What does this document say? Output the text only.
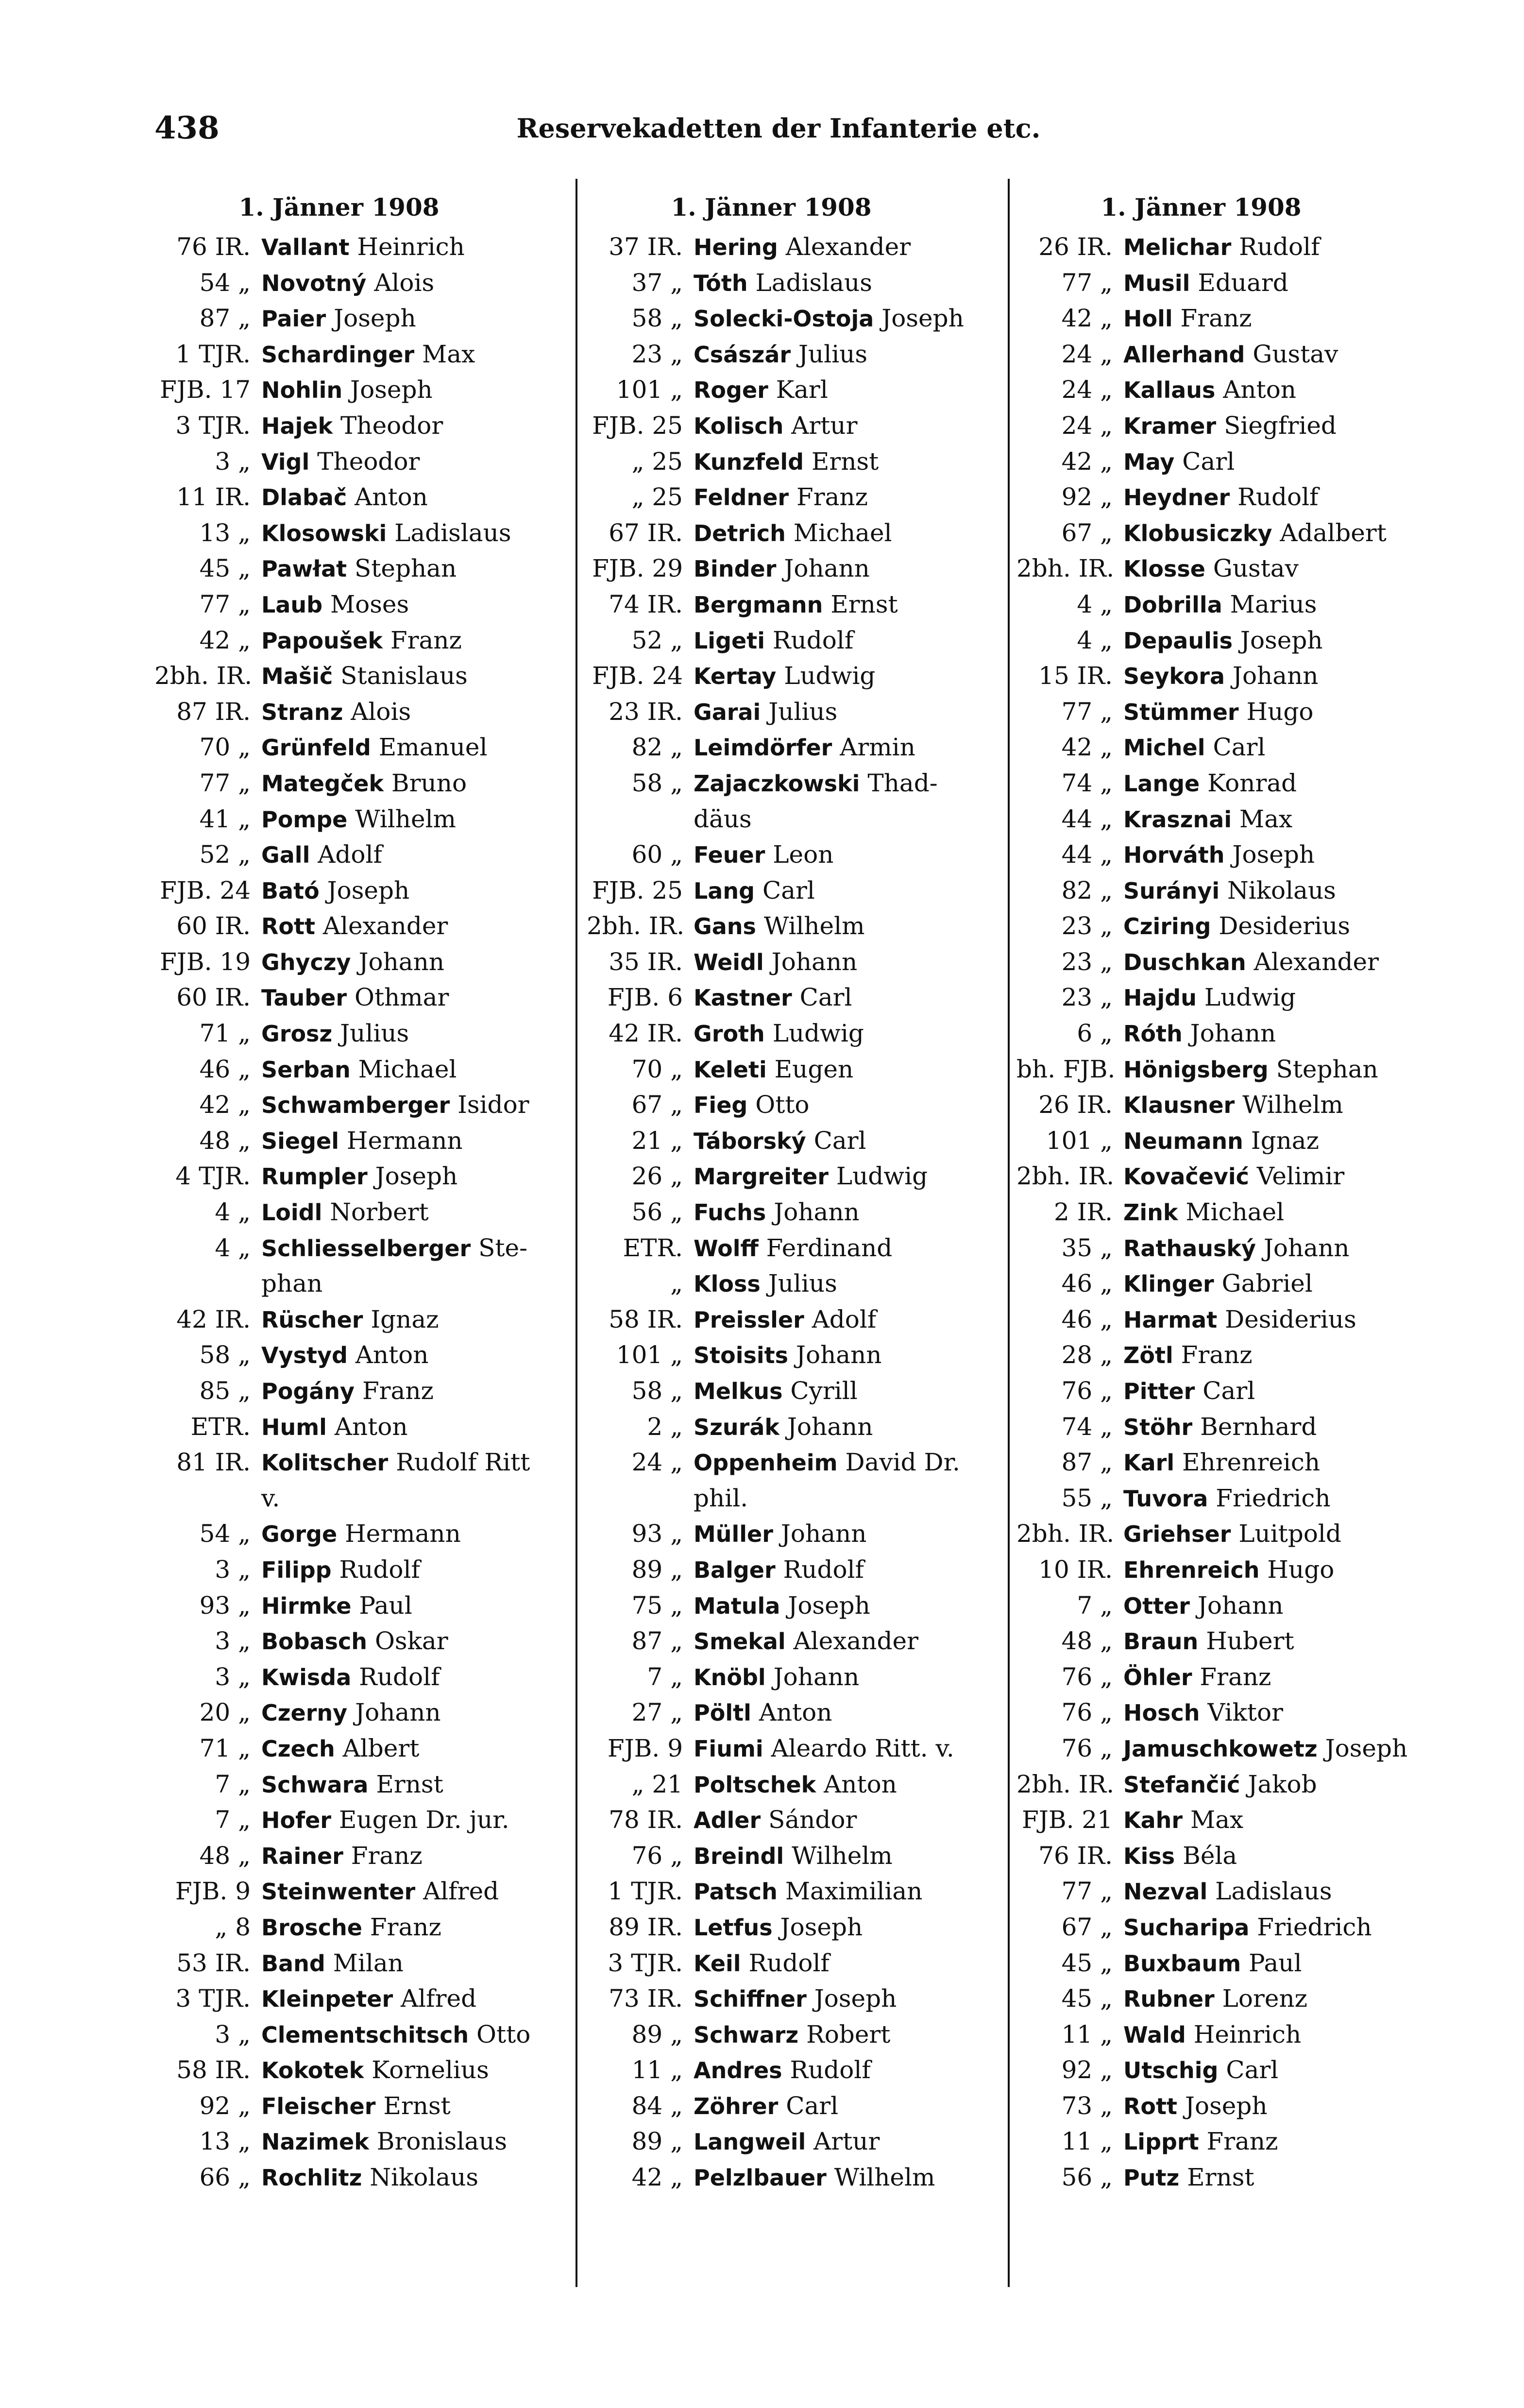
438	Reservekadetten der Infanterie etc.
1. Jänner 1908
76 IR. Vallant Heinrich
54 „ Novotný Alois
87 „ Paier Joseph
1 TJR. Schardinger Max
FJB. 17 Nohlin Joseph
3 TJR. Hajek Theodor
3 „ Vigl Theodor
11 IR. Dlabač Anton
13 „ Klosowski Ladislaus
45 „ Pawłat Stephan
77 „ Laub Moses
42 „ Papoušek Franz
2bh. IR. Mašič Stanislaus
87 IR. Stranz Alois
70 „ Grünfeld Emanuel
77 „ Mategček Bruno
41 „ Pompe Wilhelm
52 „ Gall Adolf
FJB. 24 Bató Joseph
60 IR. Rott Alexander
FJB. 19 Ghyczy Johann
60 IR. Tauber Othmar
71 „ Grosz Julius
46 „ Serban Michael
42 „ Schwamberger Isidor
48 „ Siegel Hermann
4 TJR. Rumpler Joseph
4 „ Loidl Norbert
4 „ Schliesselberger Ste-
phan
42 IR. Rüscher Ignaz
58 „ Vystyd Anton
85 „ Pogány Franz
ETR. Huml Anton
81 IR. Kolitscher Rudolf Ritt
v.
54 „ Gorge Hermann
3 „ Filipp Rudolf
93 „ Hirmke Paul
3 „ Bobasch Oskar
3 „ Kwisda Rudolf
20 „ Czerny Johann
71 „ Czech Albert
7 „ Schwara Ernst
7 „ Hofer Eugen Dr. jur.
48 „ Rainer Franz
FJB. 9 Steinwenter Alfred
„ 8 Brosche Franz
53 IR. Band Milan
3 TJR. Kleinpeter Alfred
3 „ Clementschitsch Otto
58 IR. Kokotek Kornelius
92 „ Fleischer Ernst
13 „ Nazimek Bronislaus
66 „ Rochlitz Nikolaus
1. Jänner 1908
37 IR. Hering Alexander
37 „ Tóth Ladislaus
58 „ Solecki-Ostoja Joseph
23 „ Császár Julius
101 „ Roger Karl
FJB. 25 Kolisch Artur
„ 25 Kunzfeld Ernst
„ 25 Feldner Franz
67 IR. Detrich Michael
FJB. 29 Binder Johann
74 IR. Bergmann Ernst
52 „ Ligeti Rudolf
FJB. 24 Kertay Ludwig
23 IR. Garai Julius
82 „ Leimdörfer Armin
58 „ Zajaczkowski Thad-
däus
60 „ Feuer Leon
FJB. 25 Lang Carl
2bh. IR. Gans Wilhelm
35 IR. Weidl Johann
FJB. 6 Kastner Carl
42 IR. Groth Ludwig
70 „ Keleti Eugen
67 „ Fieg Otto
21 „ Táborský Carl
26 „ Margreiter Ludwig
56 „ Fuchs Johann
ETR. Wolff Ferdinand
„ Kloss Julius
58 IR. Preissler Adolf
101 „ Stoisits Johann
58 „ Melkus Cyrill
2 „ Szurák Johann
24 „ Oppenheim David Dr.
phil.
93 „ Müller Johann
89 „ Balger Rudolf
75 „ Matula Joseph
87 „ Smekal Alexander
7 „ Knöbl Johann
27 „ Pöltl Anton
FJB. 9 Fiumi Aleardo Ritt. v.
„ 21 Poltschek Anton
78 IR. Adler Sándor
76 „ Breindl Wilhelm
1 TJR. Patsch Maximilian
89 IR. Letfus Joseph
3 TJR. Keil Rudolf
73 IR. Schiffner Joseph
89 „ Schwarz Robert
11 „ Andres Rudolf
84 „ Zöhrer Carl
89 „ Langweil Artur
42 „ Pelzlbauer Wilhelm
1. Jänner 1908
26 IR. Melichar Rudolf
77 „ Musil Eduard
42 „ Holl Franz
24 „ Allerhand Gustav
24 „ Kallaus Anton
24 „ Kramer Siegfried
42 „ May Carl
92 „ Heydner Rudolf
67 „ Klobusiczky Adalbert
2bh. IR. Klosse Gustav
4 „ Dobrilla Marius
4 „ Depaulis Joseph
15 IR. Seykora Johann
77 „ Stümmer Hugo
42 „ Michel Carl
74 „ Lange Konrad
44 „ Krasznai Max
44 „ Horváth Joseph
82 „ Surányi Nikolaus
23 „ Cziring Desiderius
23 „ Duschkan Alexander
23 „ Hajdu Ludwig
6 „ Róth Johann
bh. FJB. Hönigsberg Stephan
26 IR. Klausner Wilhelm
101 „ Neumann Ignaz
2bh. IR. Kovačević Velimir
2 IR. Zink Michael
35 „ Rathauský Johann
46 „ Klinger Gabriel
46 „ Harmat Desiderius
28 „ Zötl Franz
76 „ Pitter Carl
74 „ Stöhr Bernhard
87 „ Karl Ehrenreich
55 „ Tuvora Friedrich
2bh. IR. Griehser Luitpold
10 IR. Ehrenreich Hugo
7 „ Otter Johann
48 „ Braun Hubert
76 „ Öhler Franz
76 „ Hosch Viktor
76 „ Jamuschkowetz Joseph
2bh. IR. Stefančić Jakob
FJB. 21 Kahr Max
76 IR. Kiss Béla
77 „ Nezval Ladislaus
67 „ Sucharipa Friedrich
45 „ Buxbaum Paul
45 „ Rubner Lorenz
11 „ Wald Heinrich
92 „ Utschig Carl
73 „ Rott Joseph
11 „ Lipprt Franz
56 „ Putz Ernst
